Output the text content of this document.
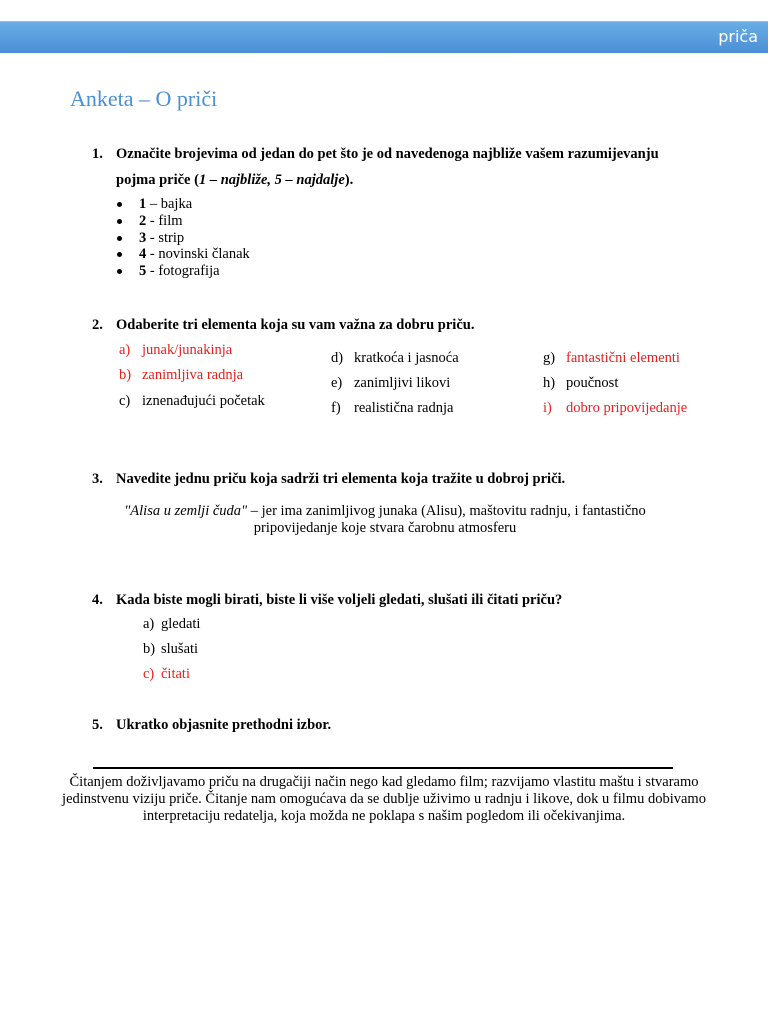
priča
Anketa – O priči
1. Označite brojevima od jedan do pet što je od navedenoga najbliže vašem razumijevanju
pojma priče (1 – najbliže, 5 – najdalje).
1 – bajka
2 - film
3 - strip
4 - novinski članak
5 - fotografija
2. Odaberite tri elementa koja su vam važna za dobru priču.
a) junak/junakinja
b) zanimljiva radnja
c) iznenađujući početak
d) kratkoća i jasnoća
e) zanimljivi likovi
f) realistična radnja
g) fantastični elementi
h) poučnost
i) dobro pripovijedanje
3. Navedite jednu priču koja sadrži tri elementa koja tražite u dobroj priči.
"Alisa u zemlji čuda" – jer ima zanimljivog junaka (Alisu), maštovitu radnju, i fantastično pripovijedanje koje stvara čarobnu atmosferu
4. Kada biste mogli birati, biste li više voljeli gledati, slušati ili čitati priču?
a) gledati
b) slušati
c) čitati
5. Ukratko objasnite prethodni izbor.
Čitanjem doživljavamo priču na drugačiji način nego kad gledamo film; razvijamo vlastitu maštu i stvaramo jedinstvenu viziju priče. Čitanje nam omogućava da se dublje uživimo u radnju i likove, dok u filmu dobivamo interpretaciju redatelja, koja možda ne poklapa s našim pogledom ili očekivanjima.
